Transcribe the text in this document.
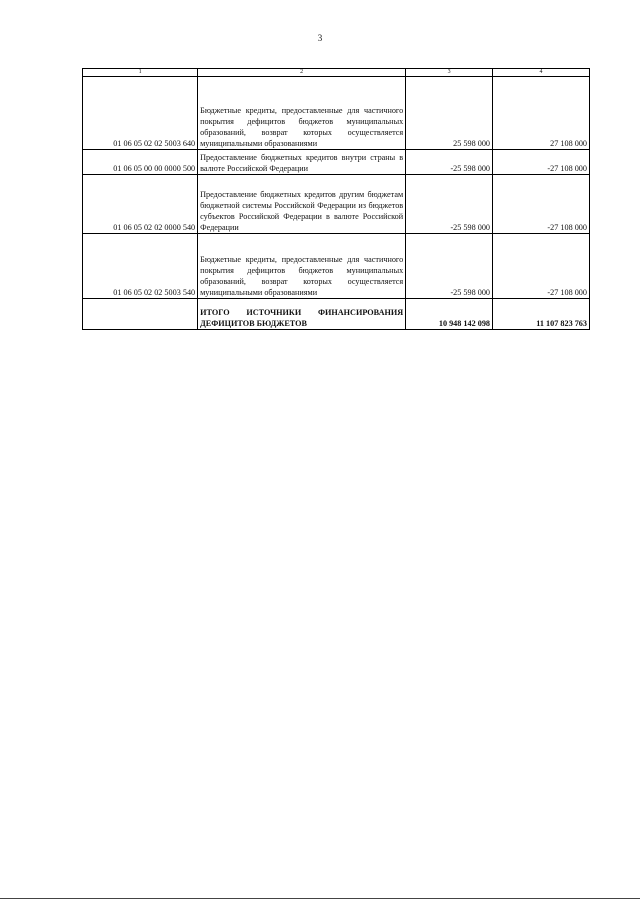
3
1	2	3	4
01 06 05 02 02 5003 640	Бюджетные кредиты, предоставленные для частичного покрытия дефицитов бюджетов муниципальных образований, возврат которых осуществляется муниципальными образованиями	25 598 000	27 108 000
01 06 05 00 00 0000 500	Предоставление бюджетных кредитов внутри страны в валюте Российской Федерации	-25 598 000	-27 108 000
01 06 05 02 02 0000 540	Предоставление бюджетных кредитов другим бюджетам бюджетной системы Российской Федерации из бюджетов субъектов Российской Федерации в валюте Российской Федерации	-25 598 000	-27 108 000
01 06 05 02 02 5003 540	Бюджетные кредиты, предоставленные для частичного покрытия дефицитов бюджетов муниципальных образований, возврат которых осуществляется муниципальными образованиями	-25 598 000	-27 108 000
	ИТОГО ИСТОЧНИКИ ФИНАНСИРОВАНИЯ ДЕФИЦИТОВ БЮДЖЕТОВ	10 948 142 098	11 107 823 763
